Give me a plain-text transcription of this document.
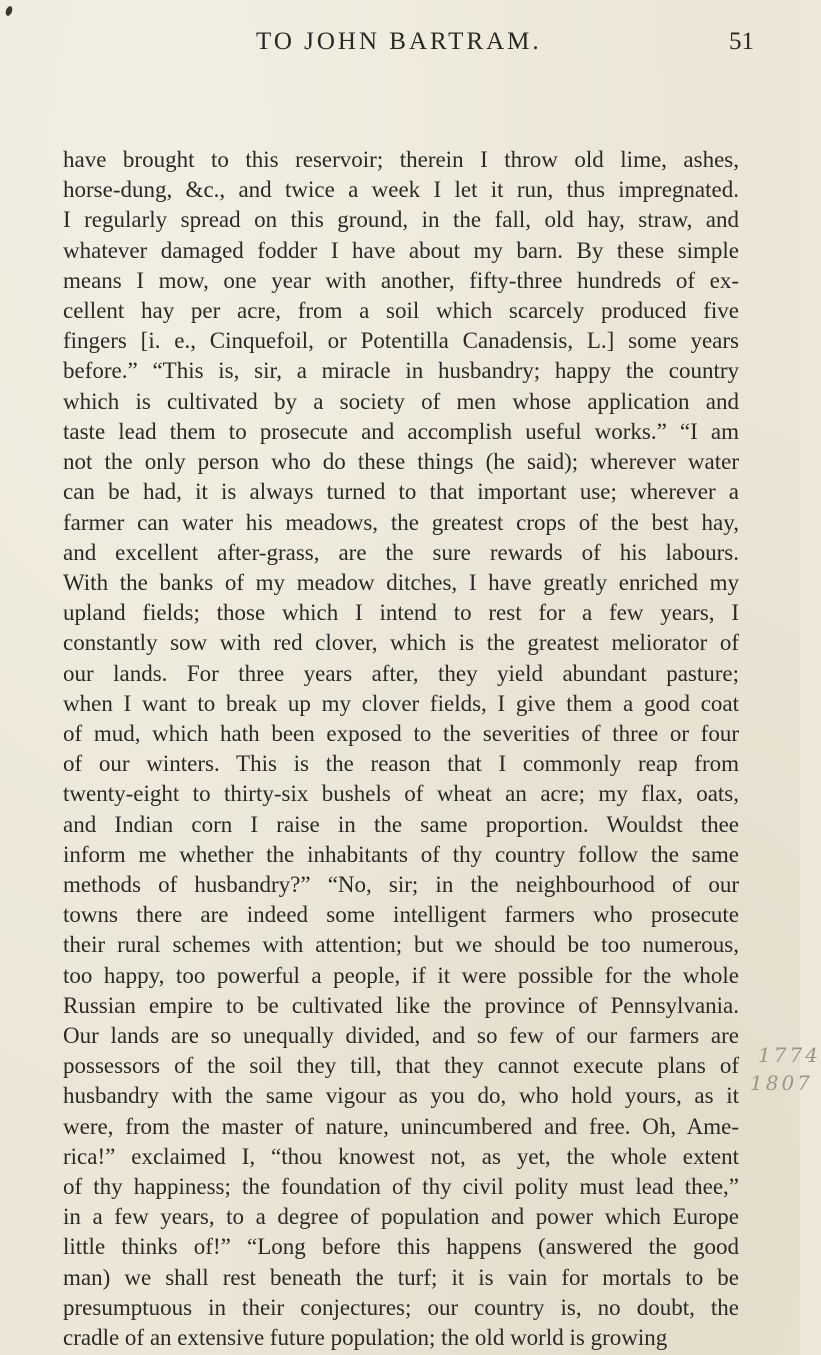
TO JOHN BARTRAM.	51
have brought to this reservoir; therein I throw old lime, ashes,
horse-dung, &c., and twice a week I let it run, thus impregnated.
I regularly spread on this ground, in the fall, old hay, straw, and
whatever damaged fodder I have about my barn. By these simple
means I mow, one year with another, fifty-three hundreds of ex-
cellent hay per acre, from a soil which scarcely produced five
fingers [i. e., Cinquefoil, or Potentilla Canadensis, L.] some years
before.” “This is, sir, a miracle in husbandry; happy the country
which is cultivated by a society of men whose application and
taste lead them to prosecute and accomplish useful works.” “I am
not the only person who do these things (he said); wherever water
can be had, it is always turned to that important use; wherever a
farmer can water his meadows, the greatest crops of the best hay,
and excellent after-grass, are the sure rewards of his labours.
With the banks of my meadow ditches, I have greatly enriched my
upland fields; those which I intend to rest for a few years, I
constantly sow with red clover, which is the greatest meliorator of
our lands. For three years after, they yield abundant pasture;
when I want to break up my clover fields, I give them a good coat
of mud, which hath been exposed to the severities of three or four
of our winters. This is the reason that I commonly reap from
twenty-eight to thirty-six bushels of wheat an acre; my flax, oats,
and Indian corn I raise in the same proportion. Wouldst thee
inform me whether the inhabitants of thy country follow the same
methods of husbandry?” “No, sir; in the neighbourhood of our
towns there are indeed some intelligent farmers who prosecute
their rural schemes with attention; but we should be too numerous,
too happy, too powerful a people, if it were possible for the whole
Russian empire to be cultivated like the province of Pennsylvania.
Our lands are so unequally divided, and so few of our farmers are
possessors of the soil they till, that they cannot execute plans of
husbandry with the same vigour as you do, who hold yours, as it
were, from the master of nature, unincumbered and free. Oh, Ame-
rica!” exclaimed I, “thou knowest not, as yet, the whole extent
of thy happiness; the foundation of thy civil polity must lead thee,”
in a few years, to a degree of population and power which Europe
little thinks of!” “Long before this happens (answered the good
man) we shall rest beneath the turf; it is vain for mortals to be
presumptuous in their conjectures; our country is, no doubt, the
cradle of an extensive future population; the old world is growing
1774
1807
